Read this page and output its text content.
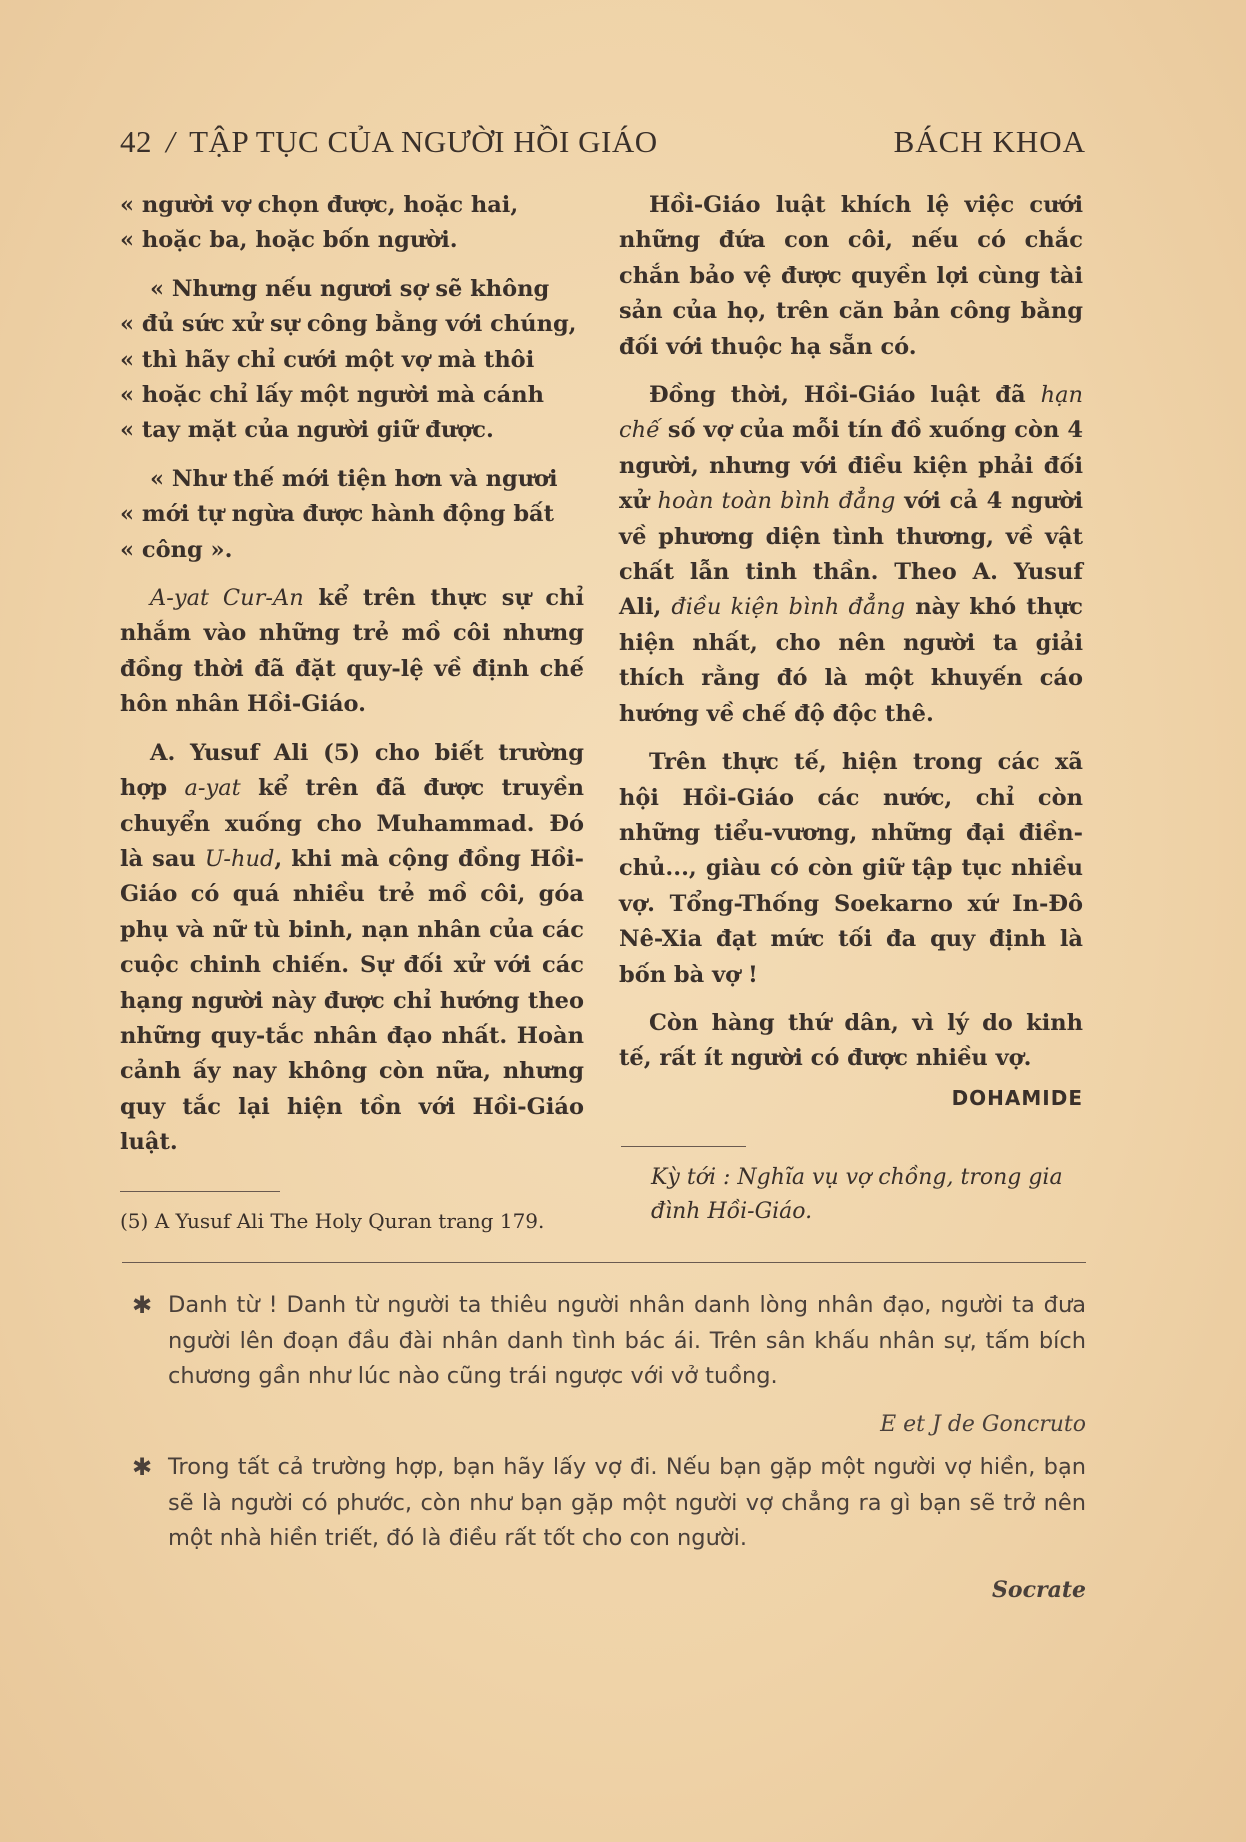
42 / TẬP TỤC CỦA NGƯỜI HỒI GIÁO	BÁCH KHOA

« người vợ chọn được, hoặc hai,

« hoặc ba, hoặc bốn người.

« Nhưng nếu ngươi sợ sẽ không

« đủ sức xử sự công bằng với chúng,

« thì hãy chỉ cưới một vợ mà thôi

« hoặc chỉ lấy một người mà cánh

« tay mặt của người giữ được.

« Như thế mới tiện hơn và ngươi

« mới tự ngừa được hành động bất

« công ».

A-yat Cur-An kể trên thực sự chỉ nhắm vào những trẻ mồ côi nhưng đồng thời đã đặt quy-lệ về định chế hôn nhân Hồi-Giáo.

A. Yusuf Ali (5) cho biết trường hợp a-yat kể trên đã được truyền chuyển xuống cho Muhammad. Đó là sau U-hud, khi mà cộng đồng Hồi-Giáo có quá nhiều trẻ mồ côi, góa phụ và nữ tù binh, nạn nhân của các cuộc chinh chiến. Sự đối xử với các hạng người này được chỉ hướng theo những quy-tắc nhân đạo nhất. Hoàn cảnh ấy nay không còn nữa, nhưng quy tắc lại hiện tồn với Hồi-Giáo luật.

(5) A Yusuf Ali The Holy Quran trang 179.

Hồi-Giáo luật khích lệ việc cưới những đứa con côi, nếu có chắc chắn bảo vệ được quyền lợi cùng tài sản của họ, trên căn bản công bằng đối với thuộc hạ sẵn có.

Đồng thời, Hồi-Giáo luật đã hạn chế số vợ của mỗi tín đồ xuống còn 4 người, nhưng với điều kiện phải đối xử hoàn toàn bình đẳng với cả 4 người về phương diện tình thương, về vật chất lẫn tinh thần. Theo A. Yusuf Ali, điều kiện bình đẳng này khó thực hiện nhất, cho nên người ta giải thích rằng đó là một khuyến cáo hướng về chế độ độc thê.

Trên thực tế, hiện trong các xã hội Hồi-Giáo các nước, chỉ còn những tiểu-vương, những đại điền-chủ..., giàu có còn giữ tập tục nhiều vợ. Tổng-Thống Soekarno xứ In-Đô Nê-Xia đạt mức tối đa quy định là bốn bà vợ !

Còn hàng thứ dân, vì lý do kinh tế, rất ít người có được nhiều vợ.

DOHAMIDE
Kỳ tới : Nghĩa vụ vợ chồng, trong gia đình Hồi-Giáo.
✱ Danh từ ! Danh từ người ta thiêu người nhân danh lòng nhân đạo, người ta đưa người lên đoạn đầu đài nhân danh tình bác ái. Trên sân khấu nhân sự, tấm bích chương gần như lúc nào cũng trái ngược với vở tuồng.

E et J de Goncruto
✱ Trong tất cả trường hợp, bạn hãy lấy vợ đi. Nếu bạn gặp một người vợ hiền, bạn sẽ là người có phước, còn như bạn gặp một người vợ chẳng ra gì bạn sẽ trở nên một nhà hiền triết, đó là điều rất tốt cho con người.

Socrate
